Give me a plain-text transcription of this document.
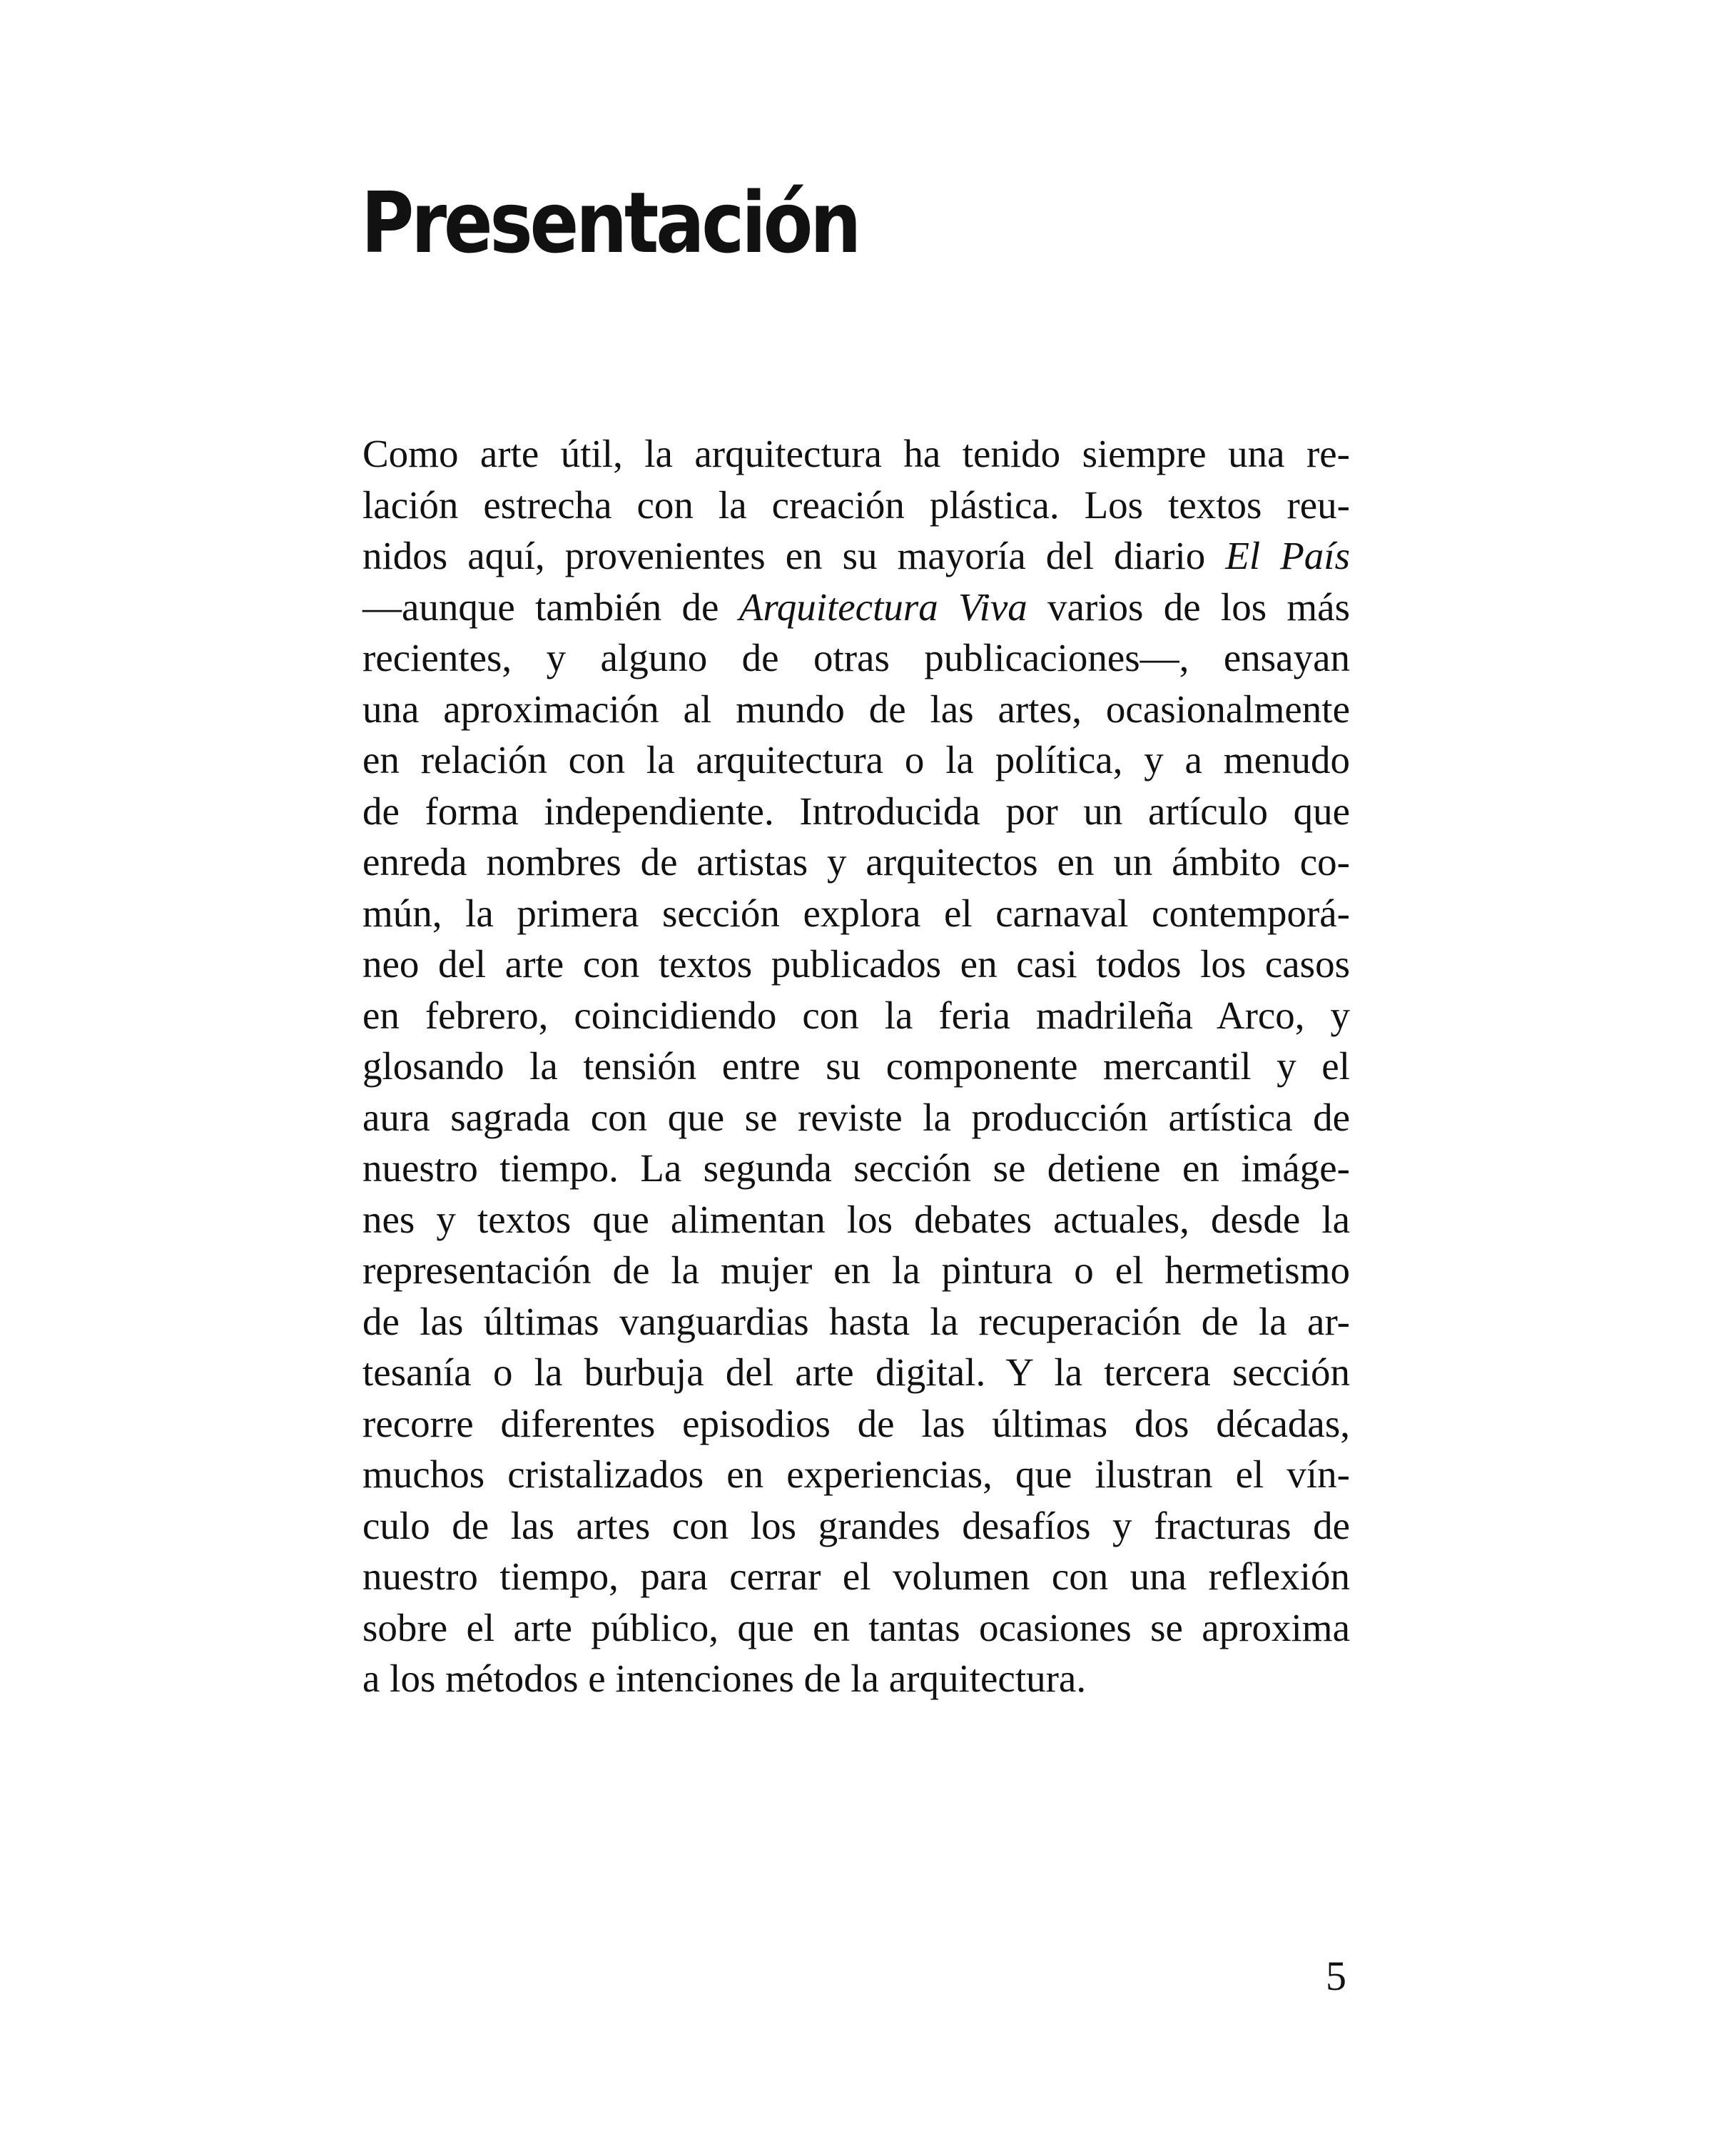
Presentación
Como arte útil, la arquitectura ha tenido siempre una re-
lación estrecha con la creación plástica. Los textos reu-
nidos aquí, provenientes en su mayoría del diario El País
—aunque también de Arquitectura Viva varios de los más
recientes, y alguno de otras publicaciones—, ensayan
una aproximación al mundo de las artes, ocasionalmente
en relación con la arquitectura o la política, y a menudo
de forma independiente. Introducida por un artículo que
enreda nombres de artistas y arquitectos en un ámbito co-
mún, la primera sección explora el carnaval contemporá-
neo del arte con textos publicados en casi todos los casos
en febrero, coincidiendo con la feria madrileña Arco, y
glosando la tensión entre su componente mercantil y el
aura sagrada con que se reviste la producción artística de
nuestro tiempo. La segunda sección se detiene en imáge-
nes y textos que alimentan los debates actuales, desde la
representación de la mujer en la pintura o el hermetismo
de las últimas vanguardias hasta la recuperación de la ar-
tesanía o la burbuja del arte digital. Y la tercera sección
recorre diferentes episodios de las últimas dos décadas,
muchos cristalizados en experiencias, que ilustran el vín-
culo de las artes con los grandes desafíos y fracturas de
nuestro tiempo, para cerrar el volumen con una reflexión
sobre el arte público, que en tantas ocasiones se aproxima
a los métodos e intenciones de la arquitectura.
5
